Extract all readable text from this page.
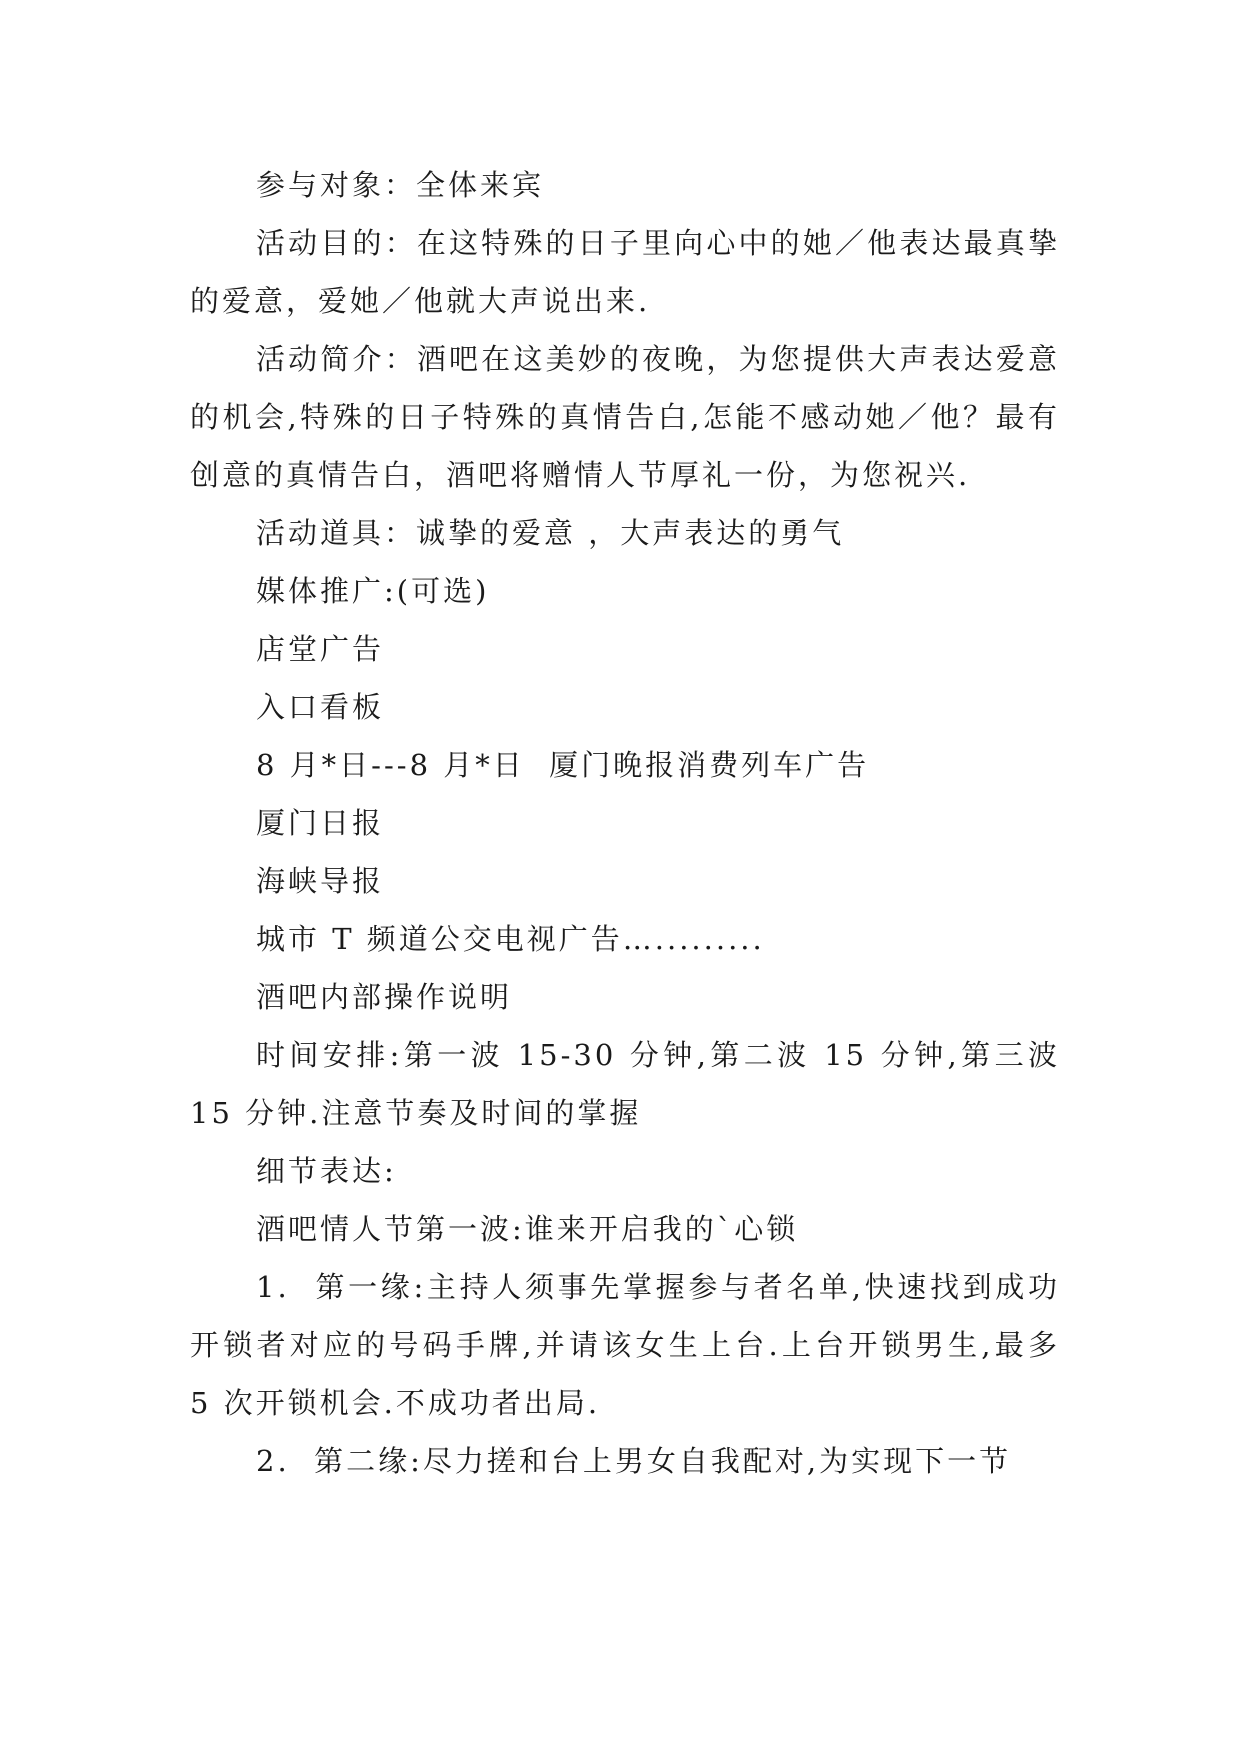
参与对象：全体来宾

活动目的：在这特殊的日子里向心中的她／他表达最真挚的爱意，爱她／他就大声说出来.

活动简介：酒吧在这美妙的夜晚，为您提供大声表达爱意的机会,特殊的日子特殊的真情告白,怎能不感动她／他？最有创意的真情告白，酒吧将赠情人节厚礼一份，为您祝兴.

活动道具：诚挚的爱意 ，大声表达的勇气

媒体推广:(可选)

店堂广告

入口看板

8 月*日---8 月*日  厦门晚报消费列车广告

厦门日报

海峡导报

城市 T 频道公交电视广告….........

酒吧内部操作说明

时间安排:第一波 15-30 分钟,第二波 15 分钟,第三波 15 分钟.注意节奏及时间的掌握

细节表达:

酒吧情人节第一波:谁来开启我的`心锁

1.  第一缘:主持人须事先掌握参与者名单,快速找到成功开锁者对应的号码手牌,并请该女生上台.上台开锁男生,最多 5 次开锁机会.不成功者出局.

2.  第二缘:尽力搓和台上男女自我配对,为实现下一节
